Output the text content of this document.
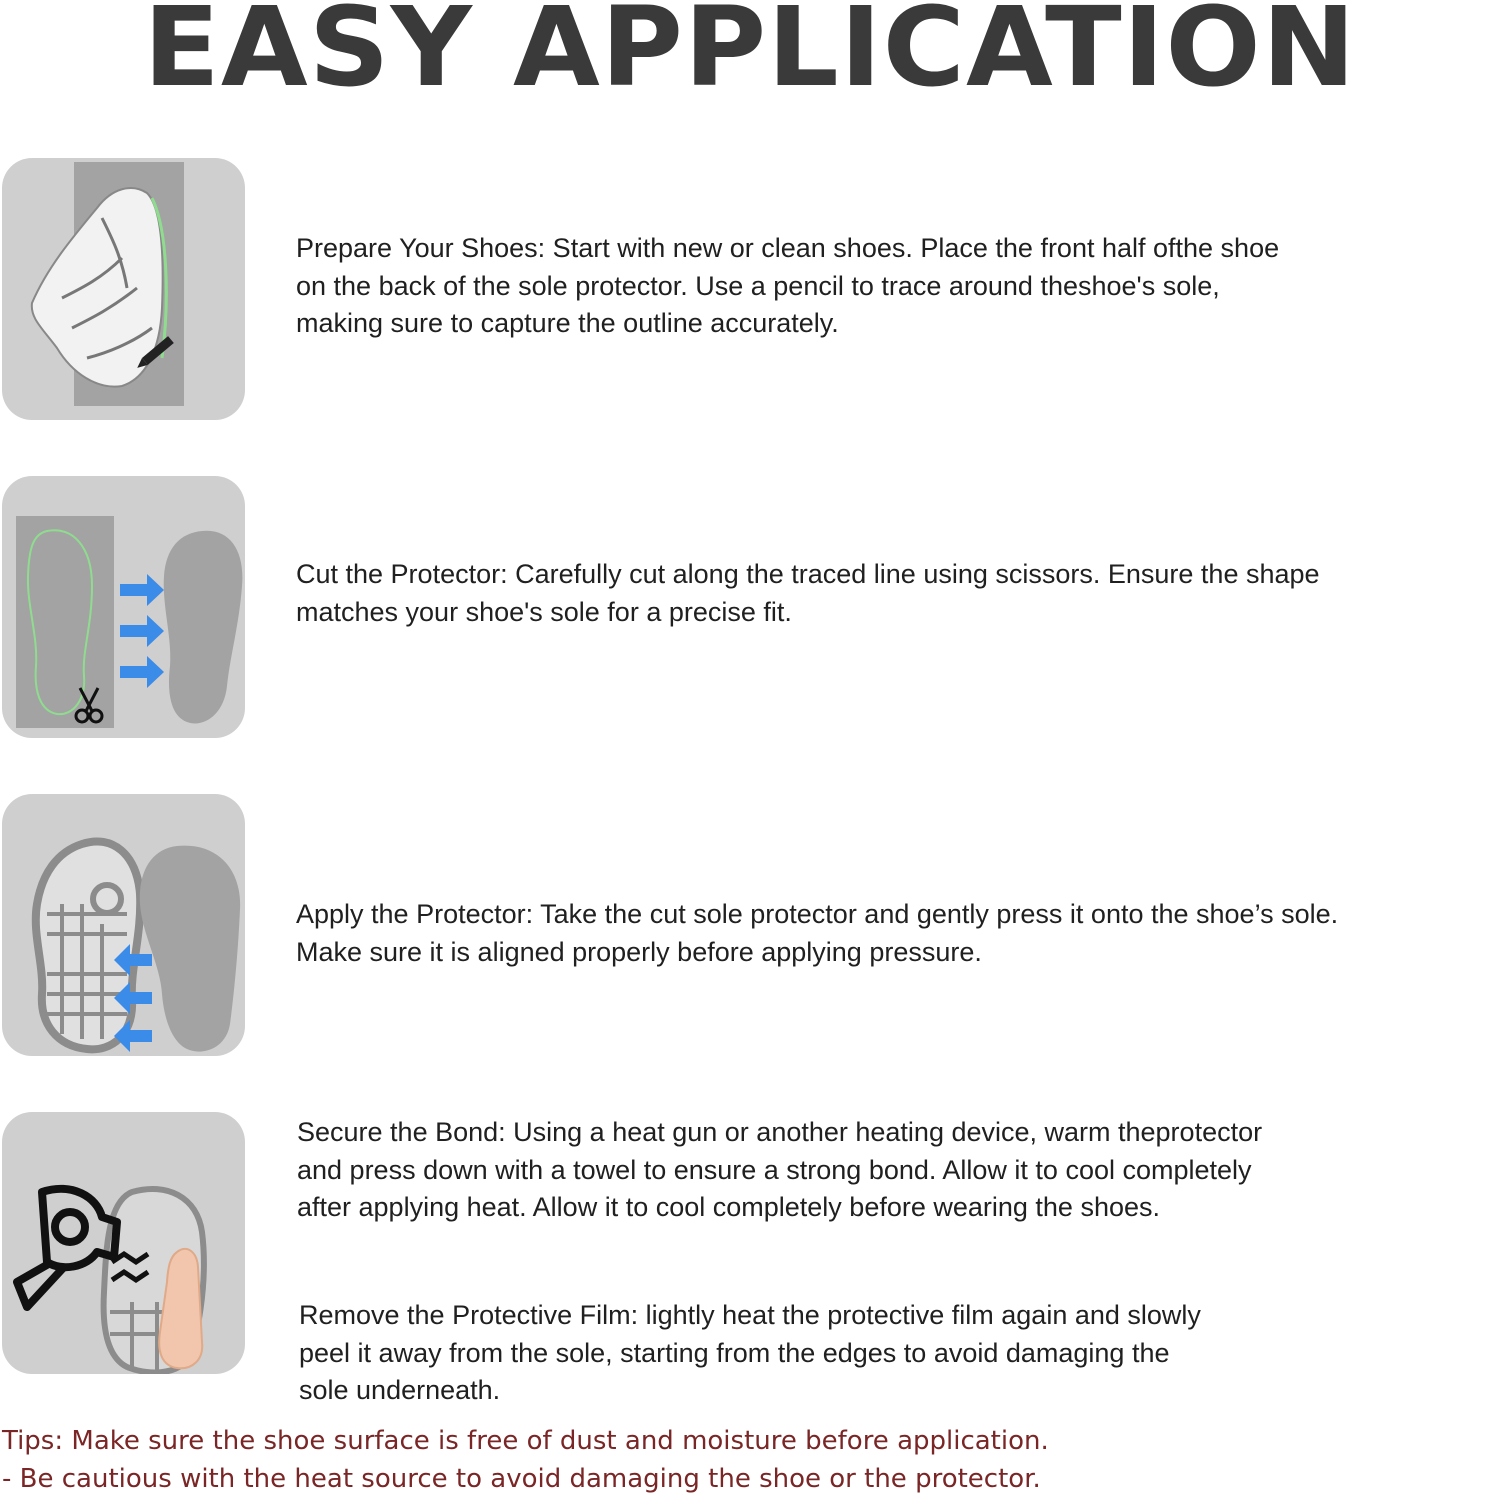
EASY APPLICATION
Prepare Your Shoes: Start with new or clean shoes. Place the front half ofthe shoe
on the back of the sole protector. Use a pencil to trace around theshoe's sole,
making sure to capture the outline accurately.
Cut the Protector: Carefully cut along the traced line using scissors. Ensure the shape
matches your shoe's sole for a precise fit.
Apply the Protector: Take the cut sole protector and gently press it onto the shoe’s sole.
Make sure it is aligned properly before applying pressure.
Secure the Bond: Using a heat gun or another heating device, warm theprotector
and press down with a towel to ensure a strong bond. Allow it to cool completely
after applying heat. Allow it to cool completely before wearing the shoes.
Remove the Protective Film: lightly heat the protective film again and slowly
peel it away from the sole, starting from the edges to avoid damaging the
sole underneath.
Tips: Make sure the shoe surface is free of dust and moisture before application.
- Be cautious with the heat source to avoid damaging the shoe or the protector.
